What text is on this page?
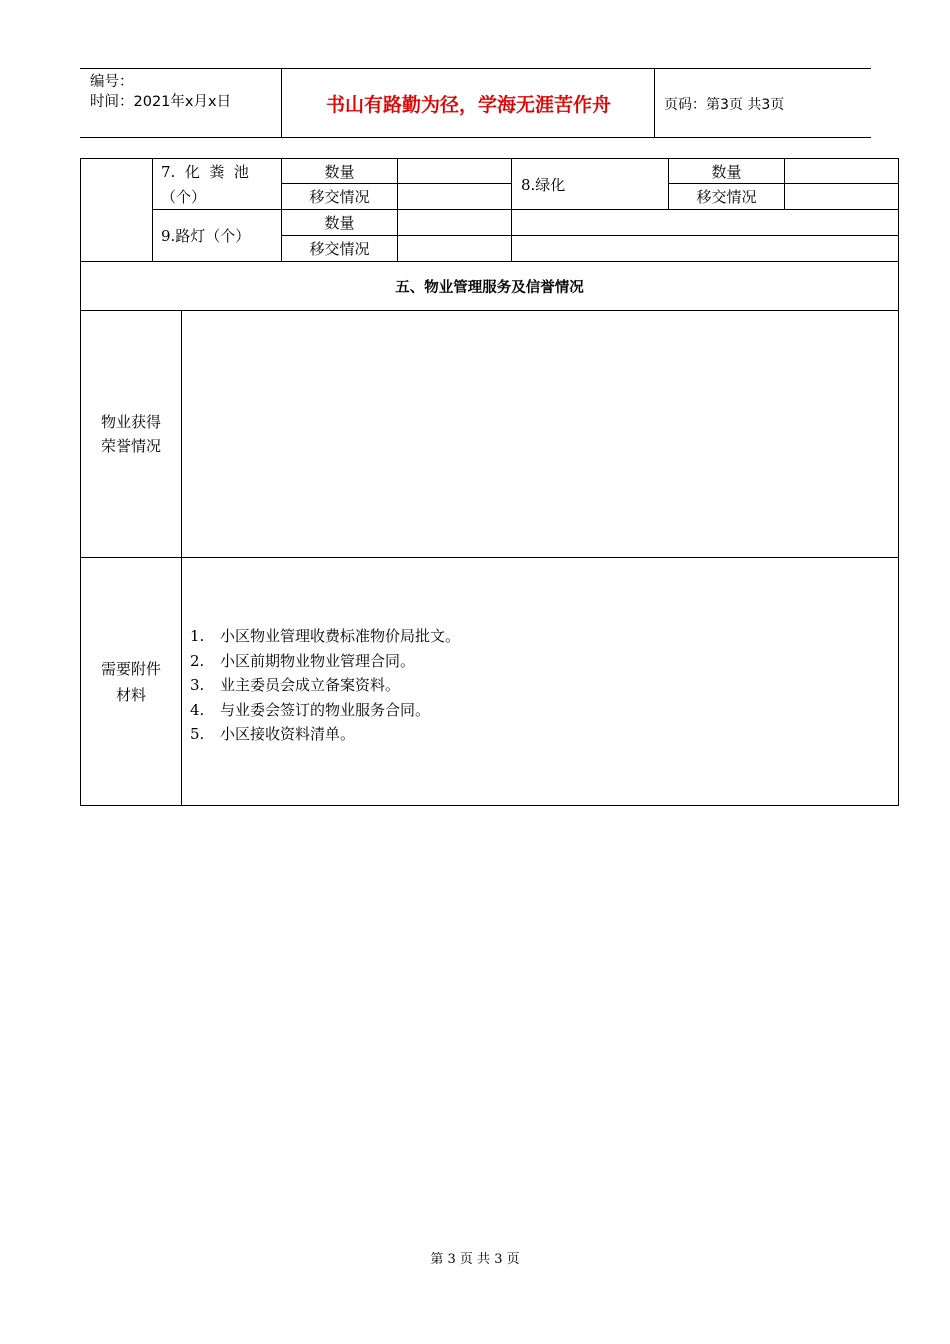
编号：
时间：2021年x月x日	书山有路勤为径，学海无涯苦作舟	页码：第3页 共3页
7.  化  粪  池
（个）
数量
移交情况
8.绿化
数量
移交情况
9.路灯（个）
数量
移交情况
五、物业管理服务及信誉情况
物业获得
荣誉情况
需要附件
材料
1. 小区物业管理收费标准物价局批文。
2. 小区前期物业物业管理合同。
3. 业主委员会成立备案资料。
4. 与业委会签订的物业服务合同。
5. 小区接收资料清单。
第 3 页 共 3 页
